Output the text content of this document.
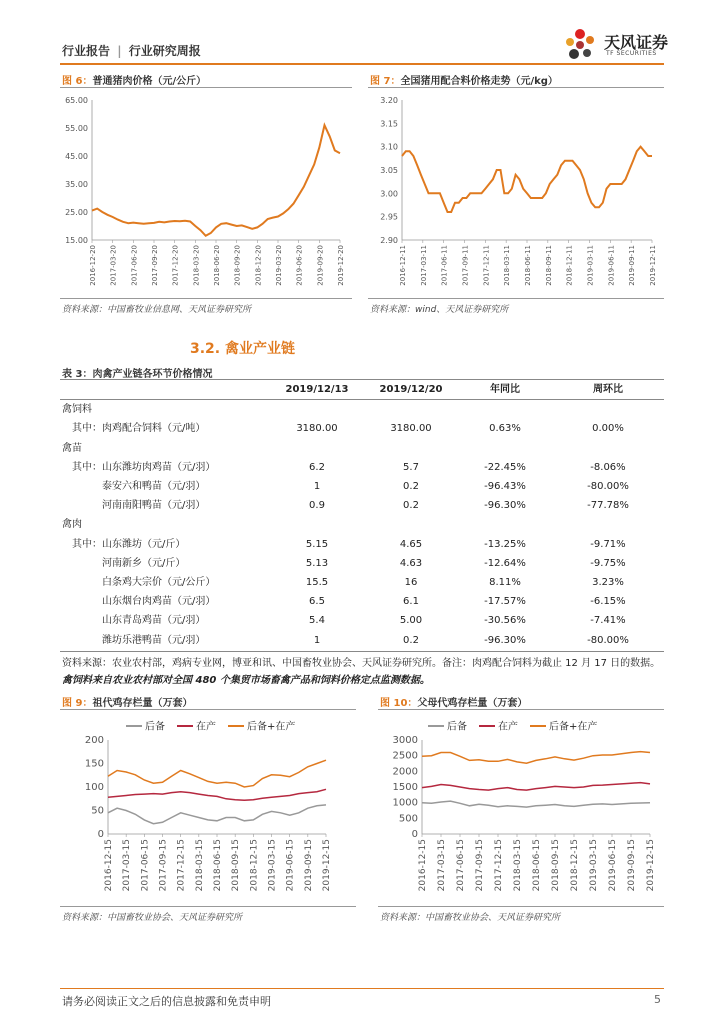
行业报告 | 行业研究周报	天风证券
TF SECURITIES
图 6：普通猪肉价格（元/公斤）
15.00
25.00
35.00
45.00
55.00
65.00
2016-12-20 2017-03-20 2017-06-20 2017-09-20 2017-12-20 2018-03-20 2018-06-20 2018-09-20 2018-12-20 2019-03-20 2019-06-20 2019-09-20 2019-12-20
资料来源：中国畜牧业信息网、天风证券研究所
图 7：全国猪用配合料价格走势（元/kg）
2.90
2.95
3.00
3.05
3.10
3.15
3.20
2016-12-11 2017-03-11 2017-06-11 2017-09-11 2017-12-11 2018-03-11 2018-06-11 2018-09-11 2018-12-11 2019-03-11 2019-06-11 2019-09-11 2019-12-11
资料来源：wind、天风证券研究所
3.2. 禽业产业链
表 3：肉禽产业链各环节价格情况
	2019/12/13	2019/12/20	年同比	周环比
禽饲料				
其中：肉鸡配合饲料（元/吨）	3180.00	3180.00	0.63%	0.00%
禽苗				
其中：山东潍坊肉鸡苗（元/羽）	6.2	5.7	-22.45%	-8.06%
泰安六和鸭苗（元/羽）	1	0.2	-96.43%	-80.00%
河南南阳鸭苗（元/羽）	0.9	0.2	-96.30%	-77.78%
禽肉				
其中：山东潍坊（元/斤）	5.15	4.65	-13.25%	-9.71%
河南新乡（元/斤）	5.13	4.63	-12.64%	-9.75%
白条鸡大宗价（元/公斤）	15.5	16	8.11%	3.23%
山东烟台肉鸡苗（元/羽）	6.5	6.1	-17.57%	-6.15%
山东青岛鸡苗（元/羽）	5.4	5.00	-30.56%	-7.41%
潍坊乐港鸭苗（元/羽）	1	0.2	-96.30%	-80.00%
资料来源：农业农村部，鸡病专业网，博亚和讯、中国畜牧业协会、天风证券研究所。备注：肉鸡配合饲料为截止 12 月 17 日的数据。
禽饲料来自农业农村部对全国 480 个集贸市场畜禽产品和饲料价格定点监测数据。
图 9：祖代鸡存栏量（万套）
0
50
100
150
200
2016-12-15 2017-03-15 2017-06-15 2017-09-15 2017-12-15 2018-03-15 2018-06-15 2018-09-15 2018-12-15 2019-03-15 2019-06-15 2019-09-15 2019-12-15
后备	在产	后备+在产
资料来源：中国畜牧业协会、天风证券研究所
图 10：父母代鸡存栏量（万套）
0
500
1000
1500
2000
2500
3000
2016-12-15 2017-03-15 2017-06-15 2017-09-15 2017-12-15 2018-03-15 2018-06-15 2018-09-15 2018-12-15 2019-03-15 2019-06-15 2019-09-15 2019-12-15
后备	在产	后备+在产
资料来源：中国畜牧业协会、天风证券研究所
请务必阅读正文之后的信息披露和免责申明	5
